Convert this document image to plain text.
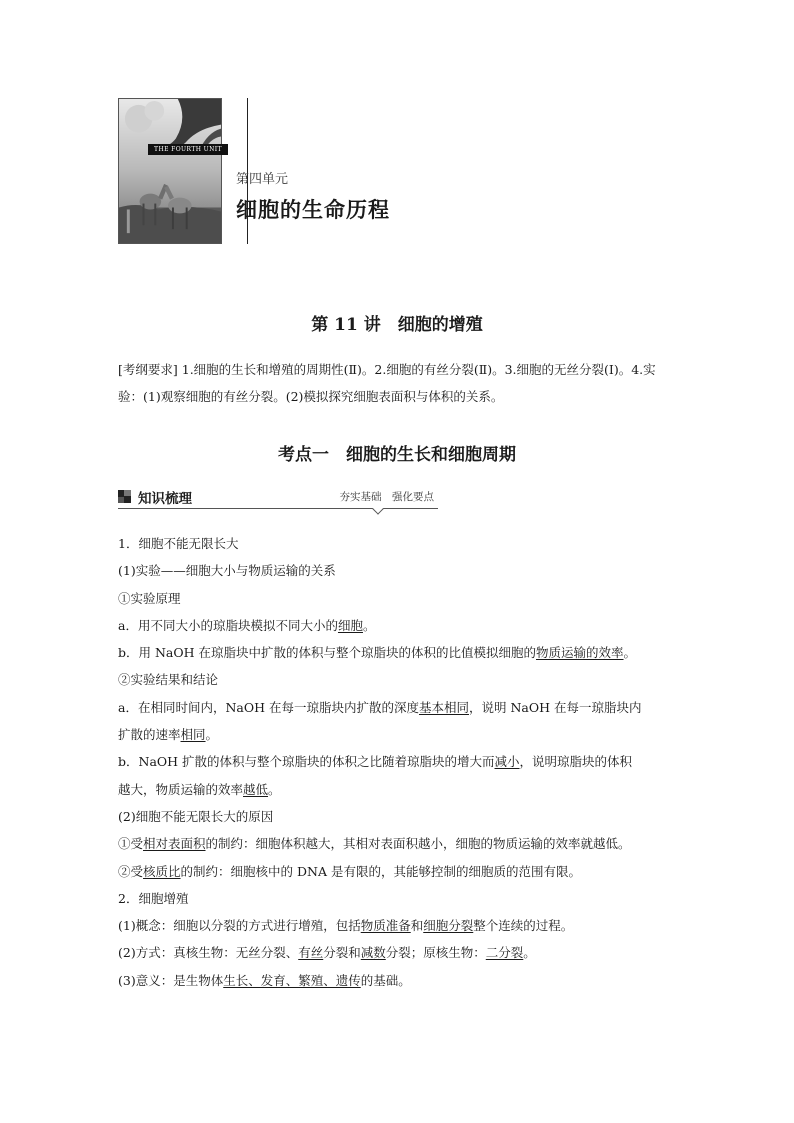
THE FOURTH UNIT
第四单元
细胞的生命历程
第 11 讲　细胞的增殖
[考纲要求] 1.细胞的生长和增殖的周期性(Ⅱ)。2.细胞的有丝分裂(Ⅱ)。3.细胞的无丝分裂(Ⅰ)。4.实验：(1)观察细胞的有丝分裂。(2)模拟探究细胞表面积与体积的关系。
考点一　细胞的生长和细胞周期
知识梳理	夯实基础　强化要点

1．细胞不能无限长大

(1)实验——细胞大小与物质运输的关系

①实验原理

a．用不同大小的琼脂块模拟不同大小的细胞。

b．用 NaOH 在琼脂块中扩散的体积与整个琼脂块的体积的比值模拟细胞的物质运输的效率。

②实验结果和结论

a．在相同时间内，NaOH 在每一琼脂块内扩散的深度基本相同，说明 NaOH 在每一琼脂块内

扩散的速率相同。

b．NaOH 扩散的体积与整个琼脂块的体积之比随着琼脂块的增大而减小，说明琼脂块的体积

越大，物质运输的效率越低。

(2)细胞不能无限长大的原因

①受相对表面积的制约：细胞体积越大，其相对表面积越小，细胞的物质运输的效率就越低。

②受核质比的制约：细胞核中的 DNA 是有限的，其能够控制的细胞质的范围有限。

2．细胞增殖

(1)概念：细胞以分裂的方式进行增殖，包括物质准备和细胞分裂整个连续的过程。

(2)方式：真核生物：无丝分裂、有丝分裂和减数分裂；原核生物：二分裂。

(3)意义：是生物体生长、发育、繁殖、遗传的基础。
